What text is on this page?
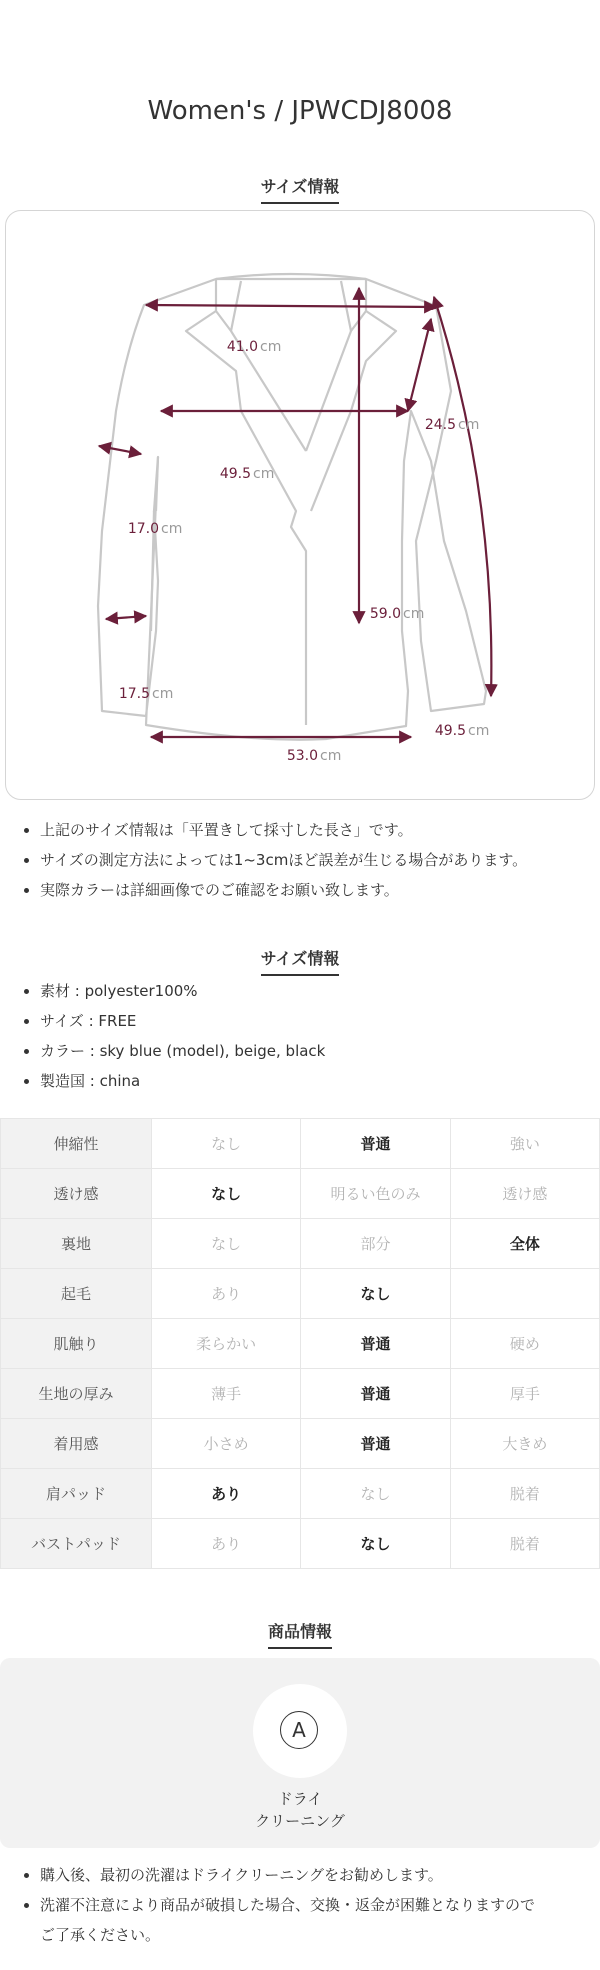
Women's / JPWCDJ8008
サイズ情報
41.0 cm
49.5 cm
24.5 cm
17.0 cm
59.0 cm
17.5 cm
49.5 cm
53.0 cm
• 上記のサイズ情報は「平置きして採寸した長さ」です。
• サイズの測定方法によっては1~3cmほど誤差が生じる場合があります。
• 実際カラーは詳細画像でのご確認をお願い致します。
サイズ情報
• 素材 : polyester100%
• サイズ : FREE
• カラー : sky blue (model), beige, black
• 製造国 : china
伸縮性	なし	普通	強い
透け感	なし	明るい色のみ	透け感
裏地	なし	部分	全体
起毛	あり	なし	
肌触り	柔らかい	普通	硬め
生地の厚み	薄手	普通	厚手
着用感	小さめ	普通	大きめ
肩パッド	あり	なし	脱着
バストパッド	あり	なし	脱着
商品情報
A
ドライ
クリーニング
• 購入後、最初の洗濯はドライクリーニングをお勧めします。
• 洗濯不注意により商品が破損した場合、交換・返金が困難となりますので
ご了承ください。
